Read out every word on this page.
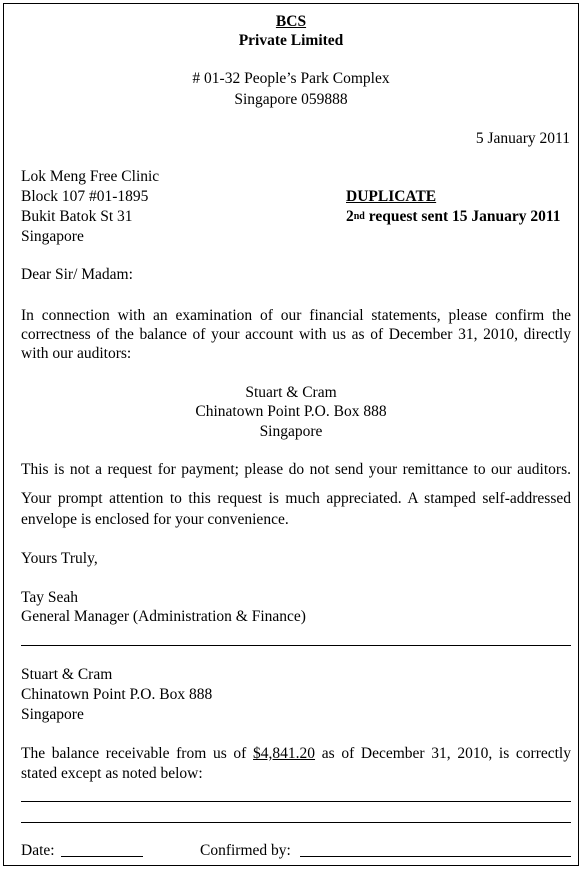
BCS
Private Limited
# 01-32 People’s Park Complex
Singapore 059888
5 January 2011
Lok Meng Free Clinic
Block 107 #01-1895
Bukit Batok St 31
Singapore
DUPLICATE
2nd request sent 15 January 2011
Dear Sir/ Madam:
In connection with an examination of our financial statements, please confirm the
correctness of the balance of your account with us as of December 31, 2010, directly
with our auditors:
Stuart & Cram
Chinatown Point P.O. Box 888
Singapore
This is not a request for payment; please do not send your remittance to our auditors.
Your prompt attention to this request is much appreciated. A stamped self-addressed
envelope is enclosed for your convenience.
Yours Truly,
Tay Seah
General Manager (Administration & Finance)
Stuart & Cram
Chinatown Point P.O. Box 888
Singapore
The balance receivable from us of $4,841.20 as of December 31, 2010, is correctly
stated except as noted below:
Date:	Confirmed by:
